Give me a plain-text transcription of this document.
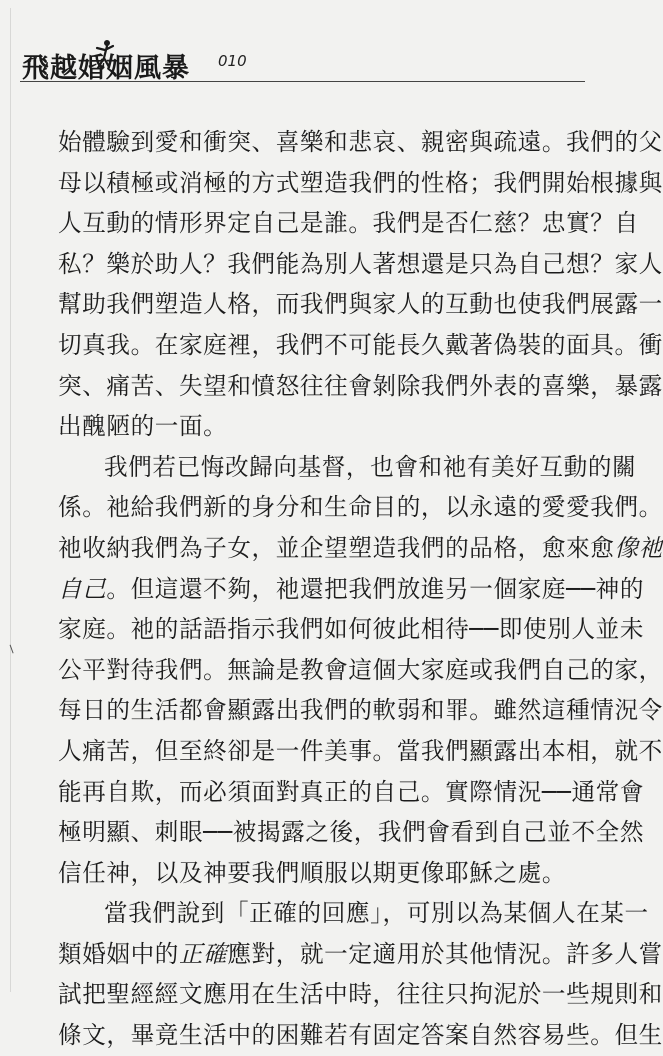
飛越婚姻風暴 010
始體驗到愛和衝突、喜樂和悲哀、親密與疏遠。我們的父
母以積極或消極的方式塑造我們的性格；我們開始根據與
人互動的情形界定自己是誰。我們是否仁慈？忠實？自
私？樂於助人？我們能為別人著想還是只為自己想？家人
幫助我們塑造人格，而我們與家人的互動也使我們展露一
切真我。在家庭裡，我們不可能長久戴著偽裝的面具。衝
突、痛苦、失望和憤怒往往會剝除我們外表的喜樂，暴露
出醜陋的一面。
我們若已悔改歸向基督，也會和祂有美好互動的關
係。祂給我們新的身分和生命目的，以永遠的愛愛我們。
祂收納我們為子女，並企望塑造我們的品格，愈來愈像祂
自己。但這還不夠，祂還把我們放進另一個家庭──神的
家庭。祂的話語指示我們如何彼此相待──即使別人並未
公平對待我們。無論是教會這個大家庭或我們自己的家，
每日的生活都會顯露出我們的軟弱和罪。雖然這種情況令
人痛苦，但至終卻是一件美事。當我們顯露出本相，就不
能再自欺，而必須面對真正的自己。實際情況──通常會
極明顯、刺眼──被揭露之後，我們會看到自己並不全然
信任神，以及神要我們順服以期更像耶穌之處。
當我們說到「正確的回應」，可別以為某個人在某一
類婚姻中的正確應對，就一定適用於其他情況。許多人嘗
試把聖經經文應用在生活中時，往往只拘泥於一些規則和
條文，畢竟生活中的困難若有固定答案自然容易些。但生
